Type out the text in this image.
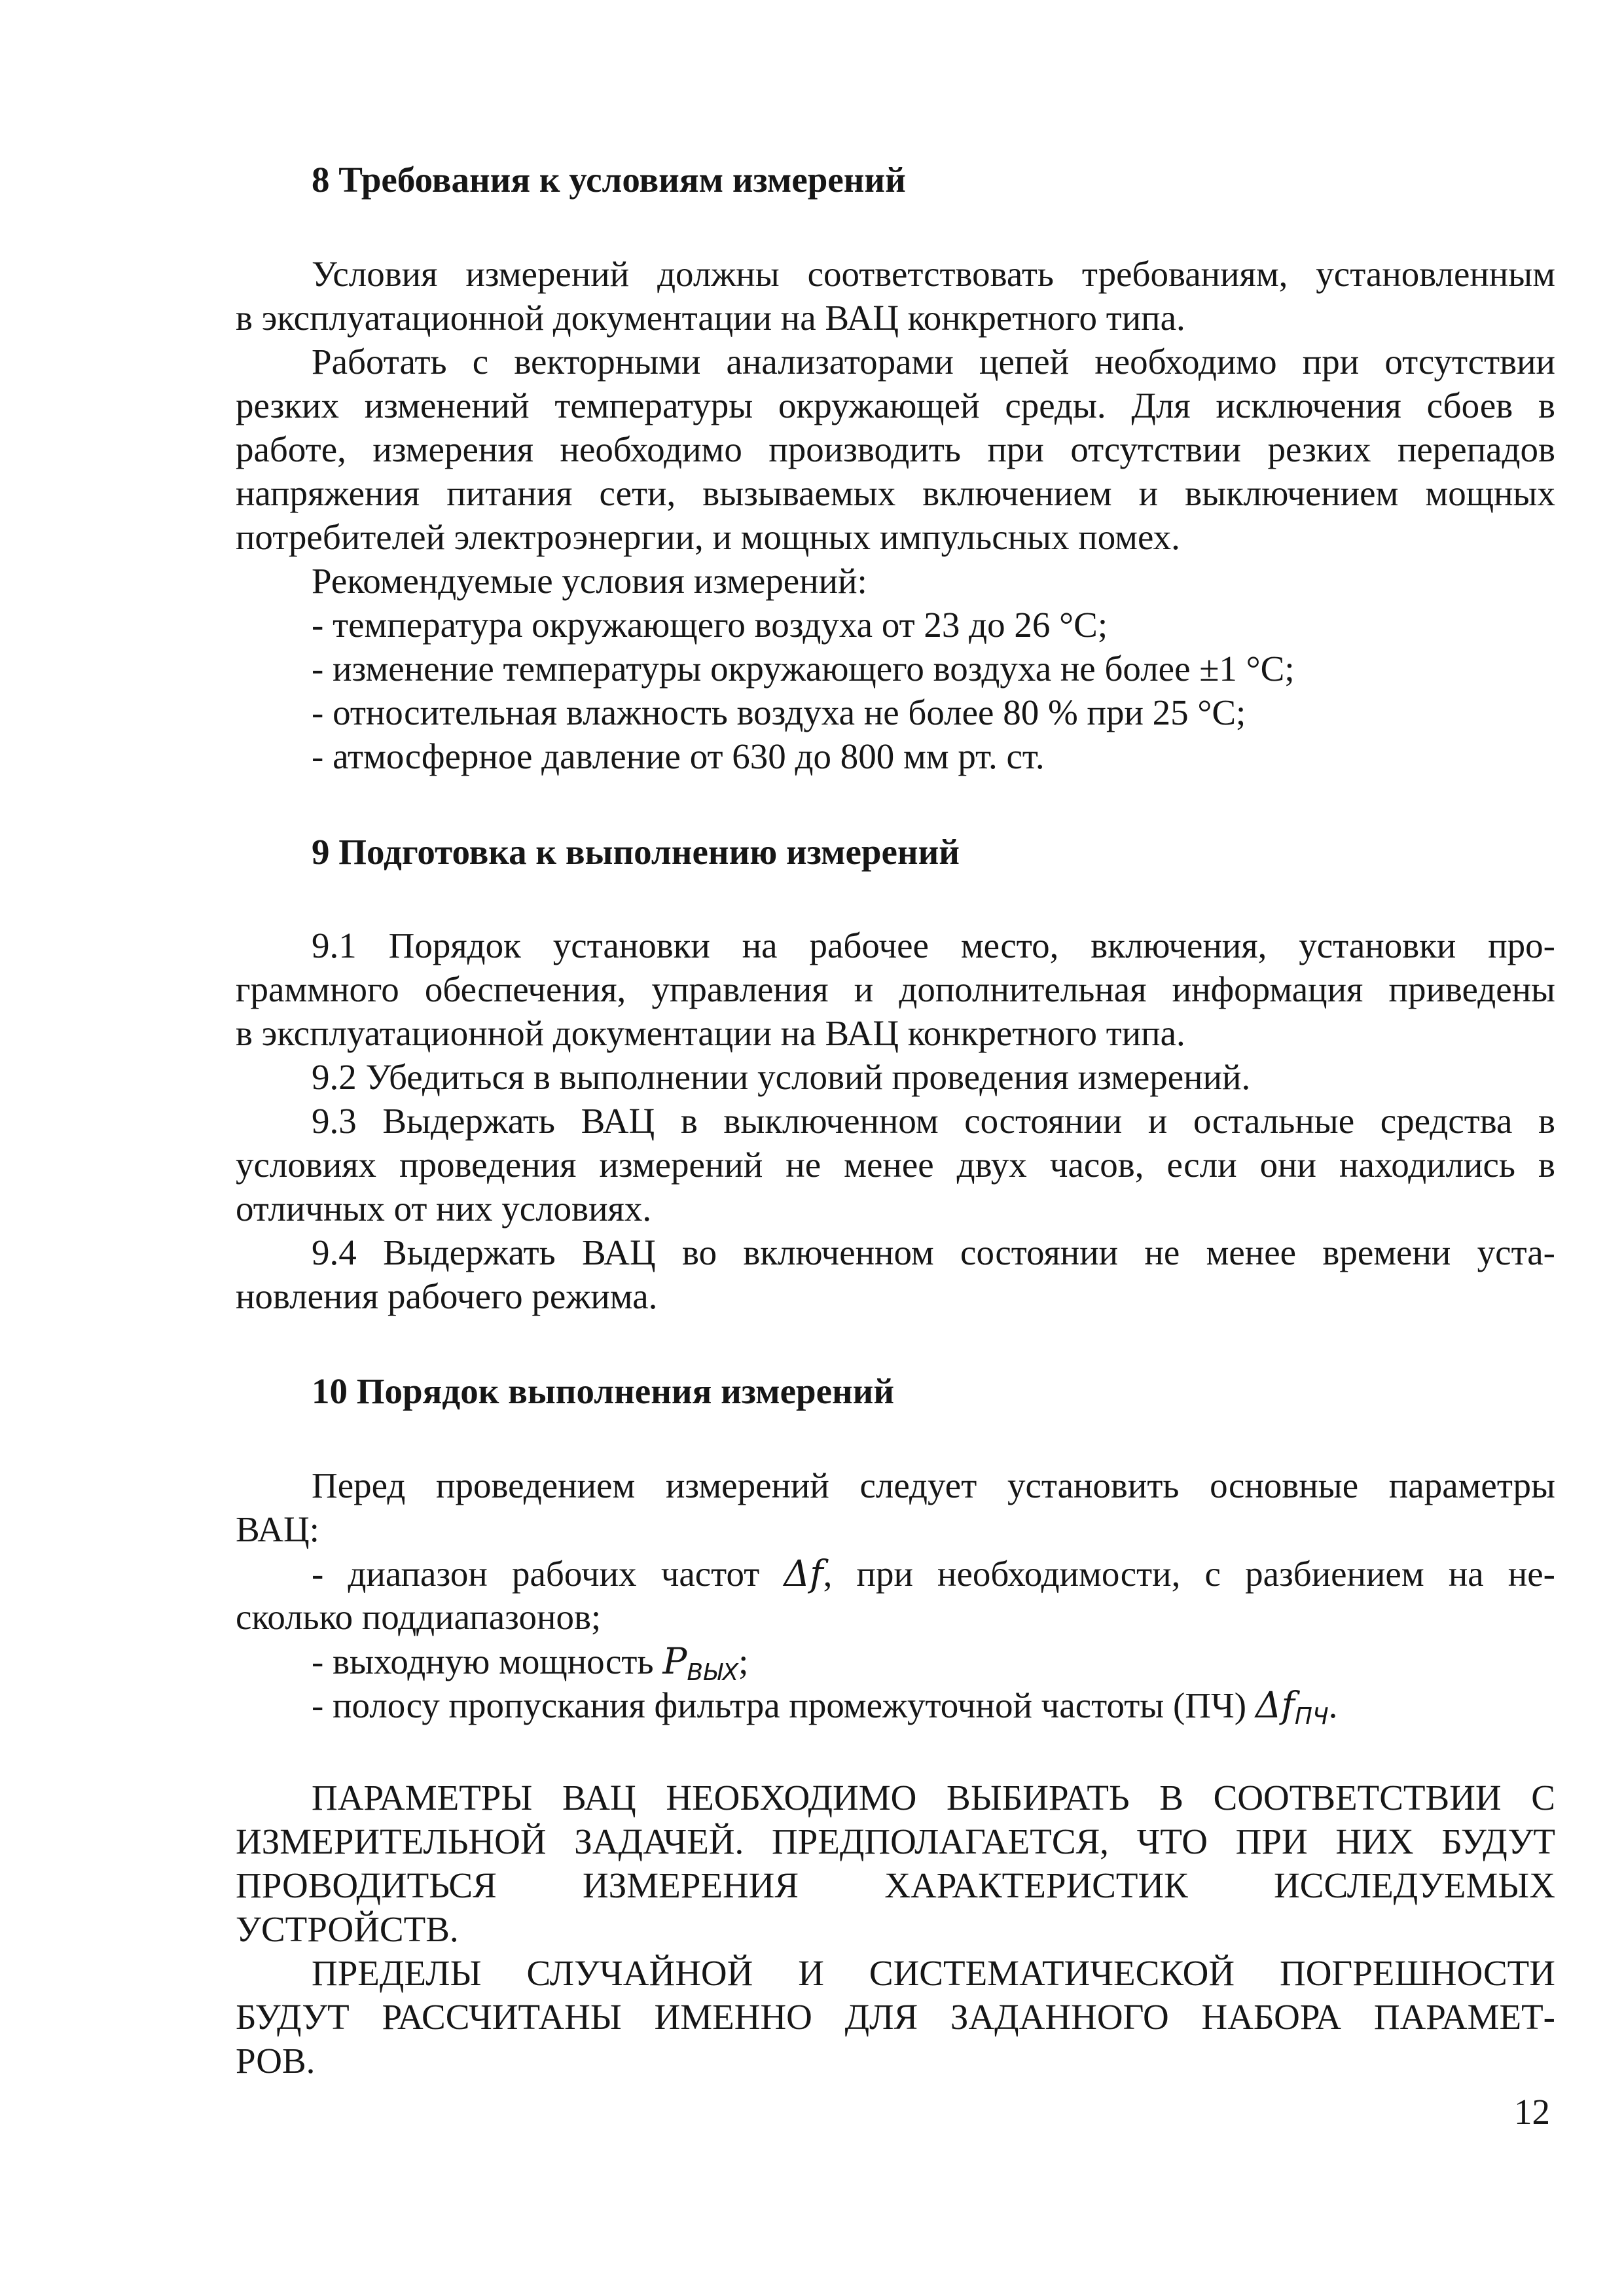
8 Требования к условиям измерений
Условия измерений должны соответствовать требованиям, установленным
в эксплуатационной документации на ВАЦ конкретного типа.
Работать с векторными анализаторами цепей необходимо при отсутствии
резких изменений температуры окружающей среды. Для исключения сбоев в
работе, измерения необходимо производить при отсутствии резких перепадов
напряжения питания сети, вызываемых включением и выключением мощных
потребителей электроэнергии, и мощных импульсных помех.
Рекомендуемые условия измерений:
- температура окружающего воздуха от 23 до 26 °C;
- изменение температуры окружающего воздуха не более ±1 °C;
- относительная влажность воздуха не более 80 % при 25 °C;
- атмосферное давление от 630 до 800 мм рт. ст.
9 Подготовка к выполнению измерений
9.1 Порядок установки на рабочее место, включения, установки про-
граммного обеспечения, управления и дополнительная информация приведены
в эксплуатационной документации на ВАЦ конкретного типа.
9.2 Убедиться в выполнении условий проведения измерений.
9.3 Выдержать ВАЦ в выключенном состоянии и остальные средства в
условиях проведения измерений не менее двух часов, если они находились в
отличных от них условиях.
9.4 Выдержать ВАЦ во включенном состоянии не менее времени уста-
новления рабочего режима.
10 Порядок выполнения измерений
Перед проведением измерений следует установить основные параметры
ВАЦ:
- диапазон рабочих частот Δf, при необходимости, с разбиением на не-
сколько поддиапазонов;
- выходную мощность $P_{ВЫХ}$;
- полосу пропускания фильтра промежуточной частоты (ПЧ) $\Delta f_{ПЧ}$.
ПАРАМЕТРЫ ВАЦ НЕОБХОДИМО ВЫБИРАТЬ В СООТВЕТСТВИИ С
ИЗМЕРИТЕЛЬНОЙ ЗАДАЧЕЙ. ПРЕДПОЛАГАЕТСЯ, ЧТО ПРИ НИХ БУДУТ
ПРОВОДИТЬСЯ ИЗМЕРЕНИЯ ХАРАКТЕРИСТИК ИССЛЕДУЕМЫХ
УСТРОЙСТВ.
ПРЕДЕЛЫ СЛУЧАЙНОЙ И СИСТЕМАТИЧЕСКОЙ ПОГРЕШНОСТИ
БУДУТ РАССЧИТАНЫ ИМЕННО ДЛЯ ЗАДАННОГО НАБОРА ПАРАМЕТ-
РОВ.
12
